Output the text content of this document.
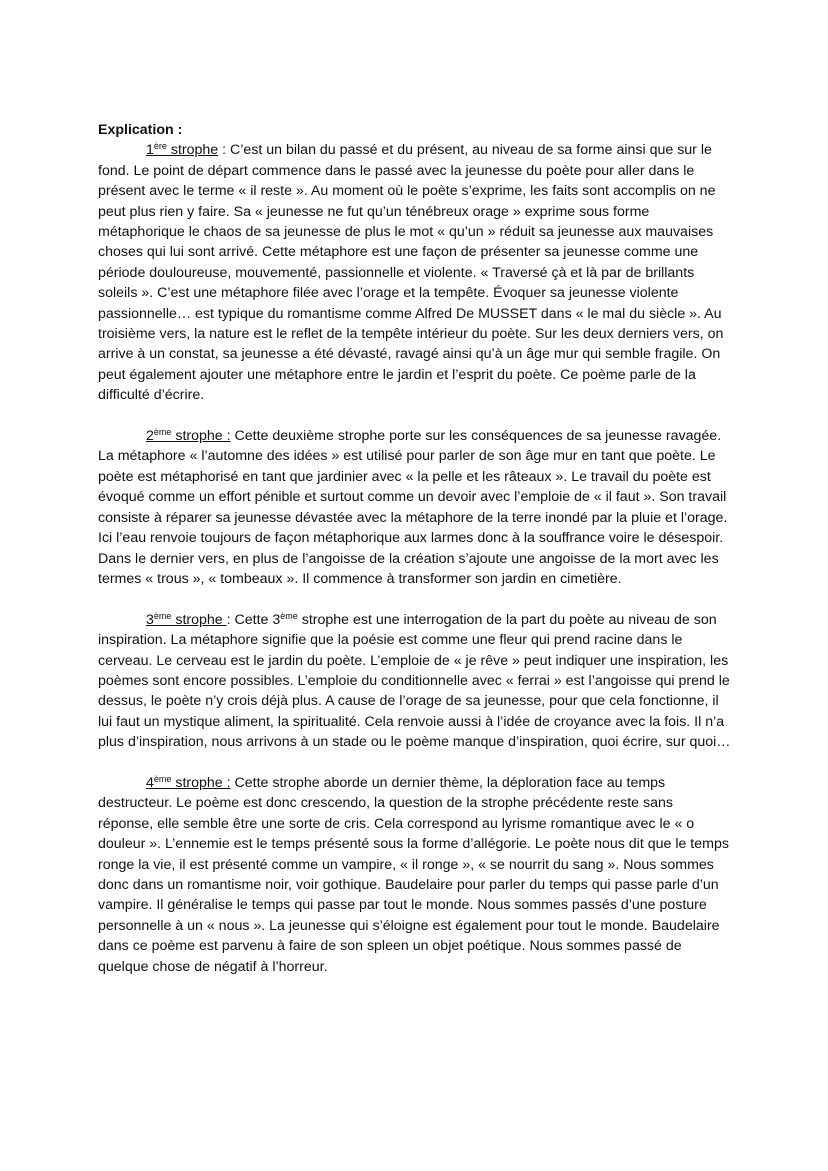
Explication :

1ère strophe : C’est un bilan du passé et du présent, au niveau de sa forme ainsi que sur le fond. Le point de départ commence dans le passé avec la jeunesse du poète pour aller dans le présent avec le terme « il reste ». Au moment où le poète s’exprime, les faits sont accomplis on ne peut plus rien y faire. Sa « jeunesse ne fut qu’un ténébreux orage » exprime sous forme métaphorique le chaos de sa jeunesse de plus le mot « qu’un » réduit sa jeunesse aux mauvaises choses qui lui sont arrivé. Cette métaphore est une façon de présenter sa jeunesse comme une période douloureuse, mouvementé, passionnelle et violente. « Traversé çà et là par de brillants soleils ». C’est une métaphore filée avec l’orage et la tempête. Évoquer sa jeunesse violente passionnelle… est typique du romantisme comme Alfred De MUSSET dans « le mal du siècle ». Au troisième vers, la nature est le reflet de la tempête intérieur du poète. Sur les deux derniers vers, on arrive à un constat, sa jeunesse a été dévasté, ravagé ainsi qu’à un âge mur qui semble fragile. On peut également ajouter une métaphore entre le jardin et l’esprit du poète. Ce poème parle de la difficulté d’écrire.

2ème strophe : Cette deuxième strophe porte sur les conséquences de sa jeunesse ravagée. La métaphore « l’automne des idées » est utilisé pour parler de son âge mur en tant que poète. Le poète est métaphorisé en tant que jardinier avec « la pelle et les râteaux ». Le travail du poète est évoqué comme un effort pénible et surtout comme un devoir avec l’emploie de « il faut ». Son travail consiste à réparer sa jeunesse dévastée avec la métaphore de la terre inondé par la pluie et l’orage. Ici l’eau renvoie toujours de façon métaphorique aux larmes donc à la souffrance voire le désespoir. Dans le dernier vers, en plus de l’angoisse de la création s’ajoute une angoisse de la mort avec les termes « trous », « tombeaux ». Il commence à transformer son jardin en cimetière.

3ème strophe : Cette 3ème strophe est une interrogation de la part du poète au niveau de son inspiration. La métaphore signifie que la poésie est comme une fleur qui prend racine dans le cerveau. Le cerveau est le jardin du poète. L’emploie de « je rêve » peut indiquer une inspiration, les poèmes sont encore possibles. L’emploie du conditionnelle avec « ferrai » est l’angoisse qui prend le dessus, le poète n’y crois déjà plus. A cause de l’orage de sa jeunesse, pour que cela fonctionne, il lui faut un mystique aliment, la spiritualité. Cela renvoie aussi à l’idée de croyance avec la fois. Il n’a plus d’inspiration, nous arrivons à un stade ou le poème manque d’inspiration, quoi écrire, sur quoi…

4ème strophe : Cette strophe aborde un dernier thème, la déploration face au temps destructeur. Le poème est donc crescendo, la question de la strophe précédente reste sans réponse, elle semble être une sorte de cris. Cela correspond au lyrisme romantique avec le « o douleur ». L’ennemie est le temps présenté sous la forme d’allégorie. Le poète nous dit que le temps ronge la vie, il est présenté comme un vampire, « il ronge », « se nourrit du sang ». Nous sommes donc dans un romantisme noir, voir gothique. Baudelaire pour parler du temps qui passe parle d’un vampire. Il généralise le temps qui passe par tout le monde. Nous sommes passés d’une posture personnelle à un « nous ». La jeunesse qui s’éloigne est également pour tout le monde. Baudelaire dans ce poème est parvenu à faire de son spleen un objet poétique. Nous sommes passé de quelque chose de négatif à l’horreur.
